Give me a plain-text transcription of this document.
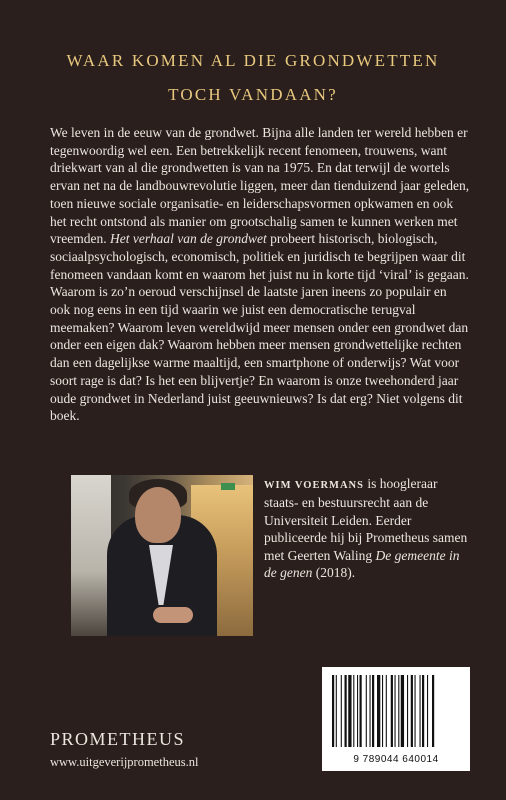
WAAR KOMEN AL DIE GRONDWETTEN
TOCH VANDAAN?
We leven in de eeuw van de grondwet. Bijna alle landen ter wereld hebben er tegenwoordig wel een. Een betrekkelijk recent fenomeen, trouwens, want driekwart van al die grondwetten is van na 1975. En dat terwijl de wortels ervan net na de landbouwrevolutie liggen, meer dan tienduizend jaar geleden, toen nieuwe sociale organisatie- en leiderschapsvormen opkwamen en ook het recht ontstond als manier om grootschalig samen te kunnen werken met vreemden. Het verhaal van de grondwet probeert historisch, biologisch, sociaalpsychologisch, economisch, politiek en juridisch te begrijpen waar dit fenomeen vandaan komt en waarom het juist nu in korte tijd ‘viral’ is gegaan. Waarom is zo’n oeroud verschijnsel de laatste jaren ineens zo populair en ook nog eens in een tijd waarin we juist een democratische terugval meemaken? Waarom leven wereldwijd meer mensen onder een grondwet dan onder een eigen dak? Waarom hebben meer mensen grondwettelijke rechten dan een dagelijkse warme maaltijd, een smartphone of onderwijs? Wat voor soort rage is dat? Is het een blijvertje? En waarom is onze tweehonderd jaar oude grondwet in Nederland juist geeuwnieuws? Is dat erg? Niet volgens dit boek.
WIM VOERMANS is hoogleraar staats- en bestuursrecht aan de Universiteit Leiden. Eerder publiceerde hij bij Prometheus samen met Geerten Waling De gemeente in de genen (2018).
PROMETHEUS
www.uitgeverijprometheus.nl	9 789044 640014
